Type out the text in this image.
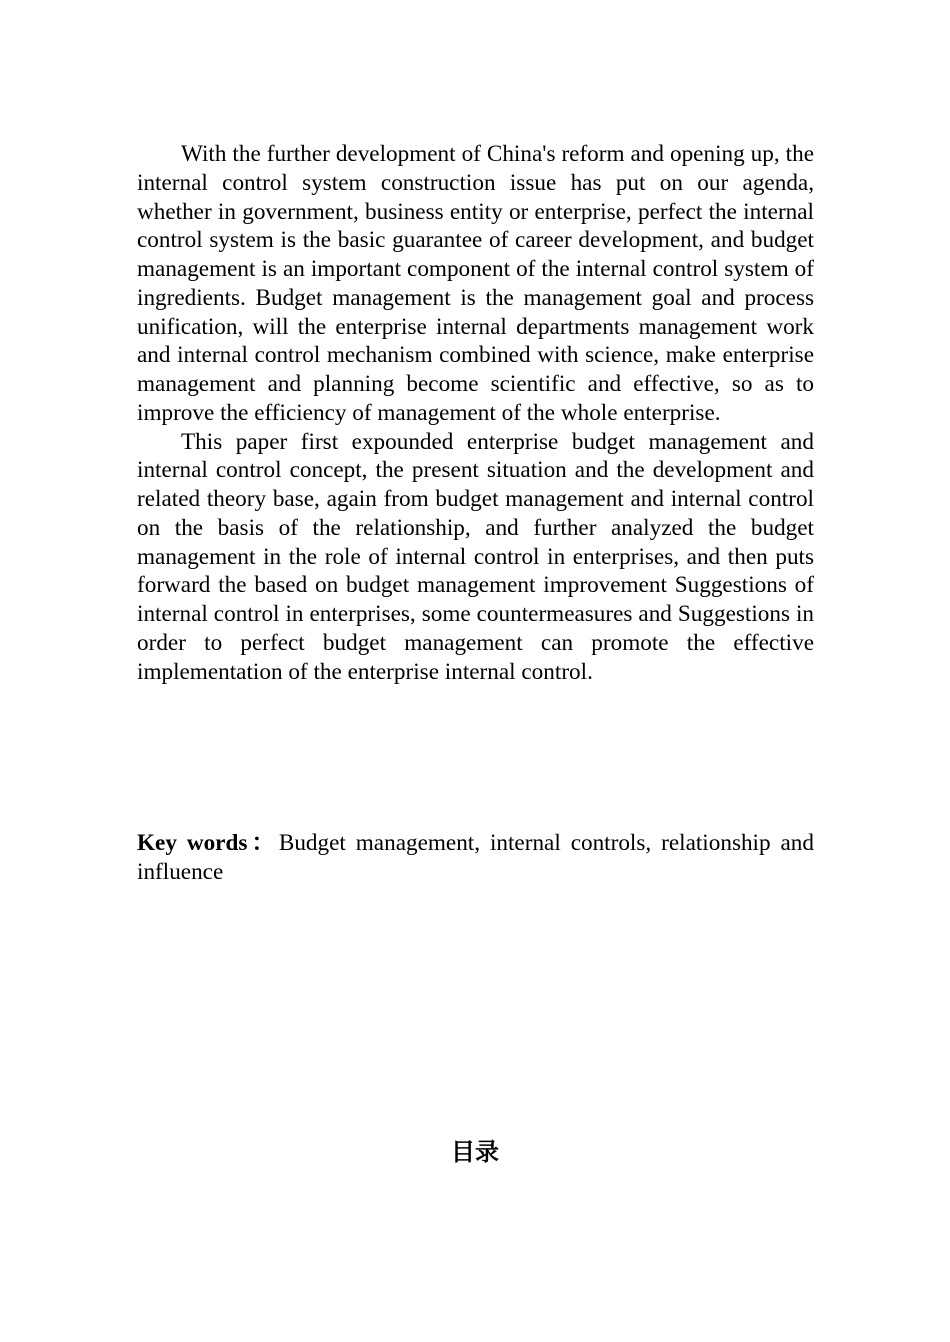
With the further development of China's reform and opening up, the internal control system construction issue has put on our agenda, whether in government, business entity or enterprise, perfect the internal control system is the basic guarantee of career development, and budget management is an important component of the internal control system of ingredients. Budget management is the management goal and process unification, will the enterprise internal departments management work and internal control mechanism combined with science, make enterprise management and planning become scientific and effective, so as to improve the efficiency of management of the whole enterprise.

This paper first expounded enterprise budget management and internal control concept, the present situation and the development and related theory base, again from budget management and internal control on the basis of the relationship, and further analyzed the budget management in the role of internal control in enterprises, and then puts forward the based on budget management improvement Suggestions of internal control in enterprises, some countermeasures and Suggestions in order to perfect budget management can promote the effective implementation of the enterprise internal control.

Key words：Budget management, internal controls, relationship and influence

目录
